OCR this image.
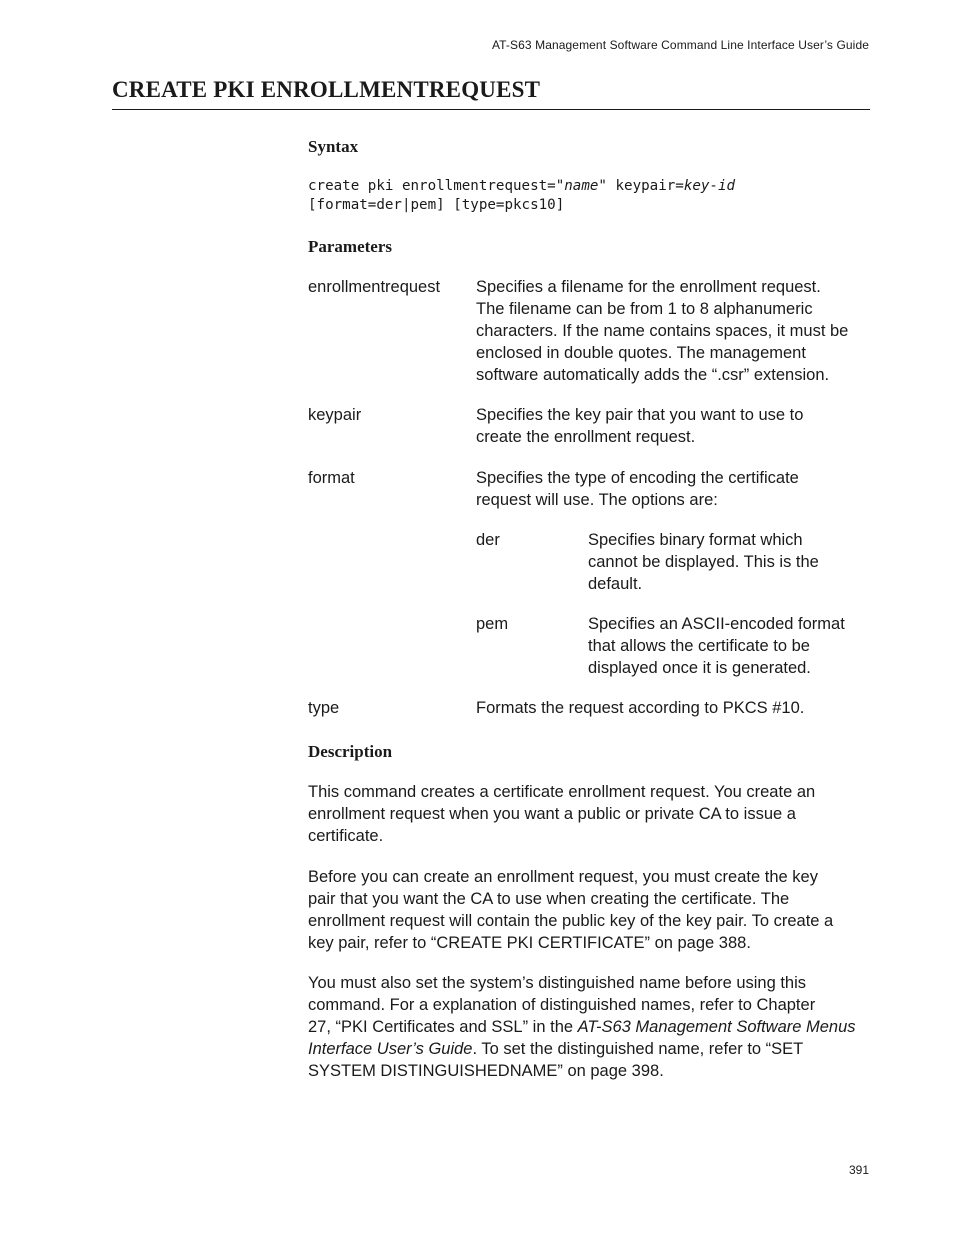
AT-S63 Management Software Command Line Interface User’s Guide
CREATE PKI ENROLLMENTREQUEST
Syntax
create pki enrollmentrequest="name" keypair=key-id
[format=der|pem] [type=pkcs10]
Parameters
enrollmentrequest Specifies a filename for the enrollment request.
The filename can be from 1 to 8 alphanumeric
characters. If the name contains spaces, it must be
enclosed in double quotes. The management
software automatically adds the “.csr” extension.
keypair	Specifies the key pair that you want to use to
create the enrollment request.
format	Specifies the type of encoding the certificate
request will use. The options are:
der	Specifies binary format which
cannot be displayed. This is the
default.
pem	Specifies an ASCII-encoded format
that allows the certificate to be
displayed once it is generated.
type	Formats the request according to PKCS #10.
Description
This command creates a certificate enrollment request. You create an
enrollment request when you want a public or private CA to issue a
certificate.
Before you can create an enrollment request, you must create the key
pair that you want the CA to use when creating the certificate. The
enrollment request will contain the public key of the key pair. To create a
key pair, refer to “CREATE PKI CERTIFICATE” on page 388.
You must also set the system’s distinguished name before using this
command. For a explanation of distinguished names, refer to Chapter
27, “PKI Certificates and SSL” in the AT-S63 Management Software Menus
Interface User’s Guide. To set the distinguished name, refer to “SET
SYSTEM DISTINGUISHEDNAME” on page 398.
391
